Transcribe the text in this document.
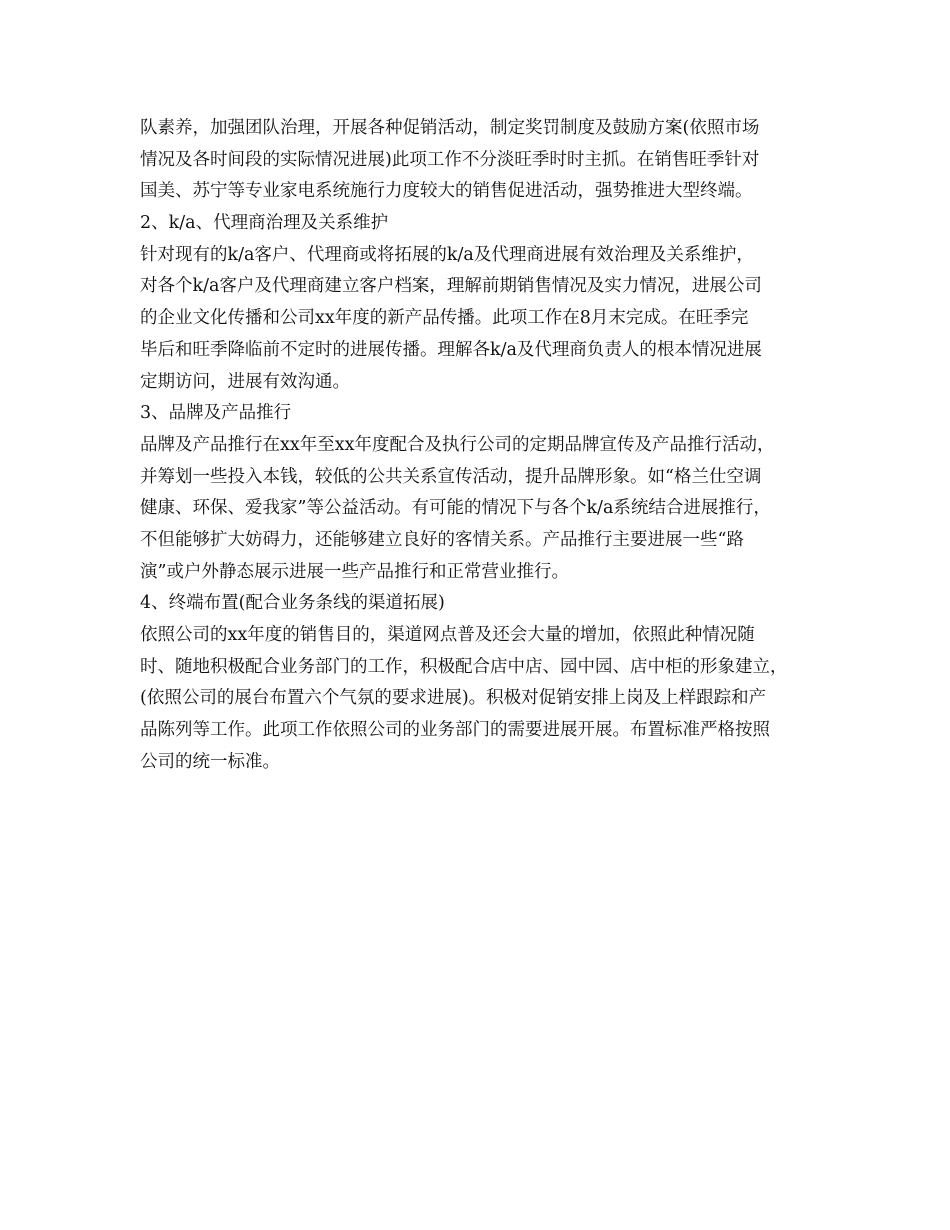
队素养，加强团队治理，开展各种促销活动，制定奖罚制度及鼓励方案(依照市场
情况及各时间段的实际情况进展)此项工作不分淡旺季时时主抓。在销售旺季针对
国美、苏宁等专业家电系统施行力度较大的销售促进活动，强势推进大型终端。
2、k/a、代理商治理及关系维护
针对现有的k/a客户、代理商或将拓展的k/a及代理商进展有效治理及关系维护，
对各个k/a客户及代理商建立客户档案，理解前期销售情况及实力情况，进展公司
的企业文化传播和公司xx年度的新产品传播。此项工作在8月末完成。在旺季完
毕后和旺季降临前不定时的进展传播。理解各k/a及代理商负责人的根本情况进展
定期访问，进展有效沟通。
3、品牌及产品推行
品牌及产品推行在xx年至xx年度配合及执行公司的定期品牌宣传及产品推行活动，
并筹划一些投入本钱，较低的公共关系宣传活动，提升品牌形象。如“格兰仕空调
健康、环保、爱我家”等公益活动。有可能的情况下与各个k/a系统结合进展推行，
不但能够扩大妨碍力，还能够建立良好的客情关系。产品推行主要进展一些“路
演”或户外静态展示进展一些产品推行和正常营业推行。
4、终端布置(配合业务条线的渠道拓展)
依照公司的xx年度的销售目的，渠道网点普及还会大量的增加，依照此种情况随
时、随地积极配合业务部门的工作，积极配合店中店、园中园、店中柜的形象建立，
(依照公司的展台布置六个气氛的要求进展)。积极对促销安排上岗及上样跟踪和产
品陈列等工作。此项工作依照公司的业务部门的需要进展开展。布置标准严格按照
公司的统一标准。
